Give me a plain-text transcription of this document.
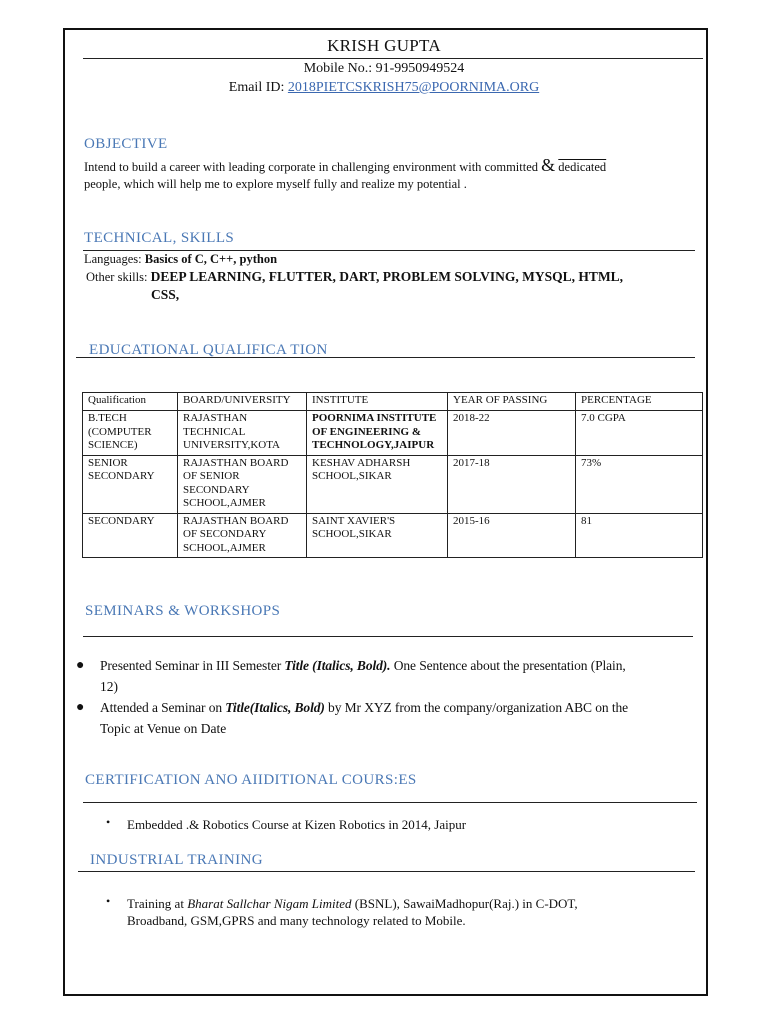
KRISH GUPTA
Mobile No.: 91-9950949524
Email ID: 2018PIETCSKRISH75@POORNIMA.ORG
OBJECTIVE
Intend to build a career with leading corporate in challenging environment with committed & dedicated
people, which will help me to explore myself fully and realize my potential .
TECHNICAL, SKILLS
Languages: Basics of C, C++, python
Other skills: DEEP LEARNING, FLUTTER, DART, PROBLEM SOLVING, MYSQL, HTML,
CSS,
EDUCATIONAL QUALIFICA TION
Qualification	BOARD/UNIVERSITY	INSTITUTE	YEAR OF PASSING	PERCENTAGE
B.TECH (COMPUTER SCIENCE)	RAJASTHAN TECHNICAL UNIVERSITY,KOTA	POORNIMA INSTITUTE OF ENGINEERING & TECHNOLOGY,JAIPUR	2018-22	7.0 CGPA
SENIOR SECONDARY	RAJASTHAN BOARD OF SENIOR SECONDARY SCHOOL,AJMER	KESHAV ADHARSH SCHOOL,SIKAR	2017-18	73%
SECONDARY	RAJASTHAN BOARD OF SECONDARY SCHOOL,AJMER	SAINT XAVIER'S SCHOOL,SIKAR	2015-16	81
SEMINARS & WORKSHOPS
● Presented Seminar in III Semester Title (Italics, Bold). One Sentence about the presentation (Plain,
12)
● Attended a Seminar on Title(Italics, Bold) by Mr XYZ from the company/organization ABC on the
Topic at Venue on Date
CERTIFICATION ANO AIIDITIONAL COURS:ES
• Embedded .& Robotics Course at Kizen Robotics in 2014, Jaipur
INDUSTRIAL TRAINING
• Training at Bharat Sallchar Nigam Limited (BSNL), SawaiMadhopur(Raj.) in C-DOT,
Broadband, GSM,GPRS and many technology related to Mobile.
